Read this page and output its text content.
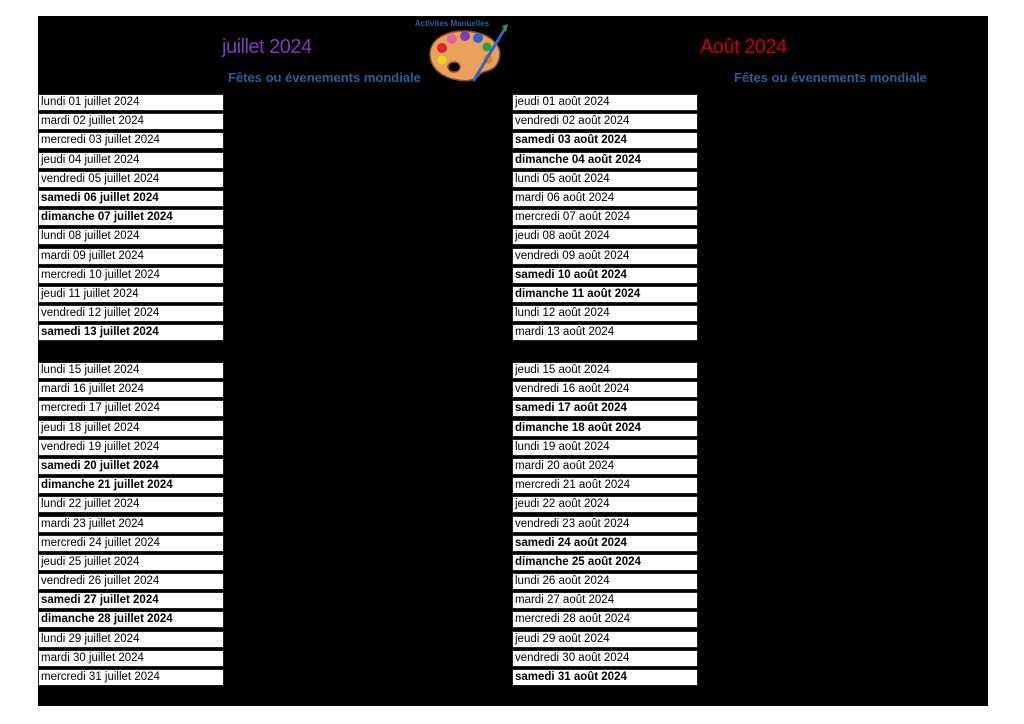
Activites Manuelles
juillet 2024
Fêtes ou évenements mondiale
Août 2024
Fêtes ou évenements mondiale
lundi 01 juillet 2024
mardi 02 juillet 2024
mercredi 03 juillet 2024
jeudi 04 juillet 2024
vendredi 05 juillet 2024
samedi 06 juillet 2024
dimanche 07 juillet 2024
lundi 08 juillet 2024
mardi 09 juillet 2024
mercredi 10 juillet 2024
jeudi 11 juillet 2024
vendredi 12 juillet 2024
samedi 13 juillet 2024
lundi 15 juillet 2024
mardi 16 juillet 2024
mercredi 17 juillet 2024
jeudi 18 juillet 2024
vendredi 19 juillet 2024
samedi 20 juillet 2024
dimanche 21 juillet 2024
lundi 22 juillet 2024
mardi 23 juillet 2024
mercredi 24 juillet 2024
jeudi 25 juillet 2024
vendredi 26 juillet 2024
samedi 27 juillet 2024
dimanche 28 juillet 2024
lundi 29 juillet 2024
mardi 30 juillet 2024
mercredi 31 juillet 2024
jeudi 01 août 2024
vendredi 02 août 2024
samedi 03 août 2024
dimanche 04 août 2024
lundi 05 août 2024
mardi 06 août 2024
mercredi 07 août 2024
jeudi 08 août 2024
vendredi 09 août 2024
samedi 10 août 2024
dimanche 11 août 2024
lundi 12 août 2024
mardi 13 août 2024
jeudi 15 août 2024
vendredi 16 août 2024
samedi 17 août 2024
dimanche 18 août 2024
lundi 19 août 2024
mardi 20 août 2024
mercredi 21 août 2024
jeudi 22 août 2024
vendredi 23 août 2024
samedi 24 août 2024
dimanche 25 août 2024
lundi 26 août 2024
mardi 27 août 2024
mercredi 28 août 2024
jeudi 29 août 2024
vendredi 30 août 2024
samedi 31 août 2024
